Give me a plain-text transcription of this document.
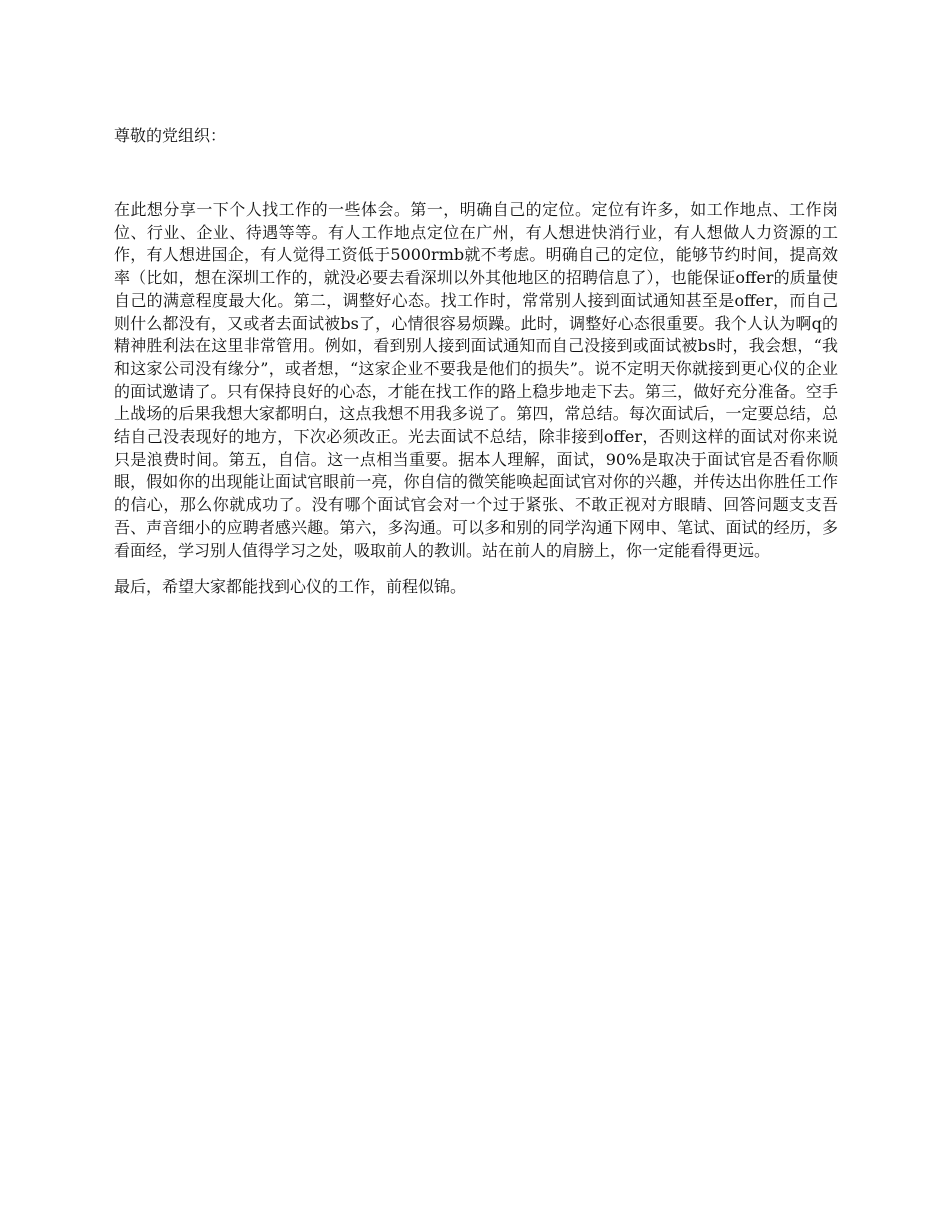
尊敬的党组织：

在此想分享一下个人找工作的一些体会。第一，明确自己的定位。定位有许多，如工作地点、工作岗位、行业、企业、待遇等等。有人工作地点定位在广州，有人想进快消行业，有人想做人力资源的工作，有人想进国企，有人觉得工资低于5000rmb就不考虑。明确自己的定位，能够节约时间，提高效率（比如，想在深圳工作的，就没必要去看深圳以外其他地区的招聘信息了），也能保证offer的质量使自己的满意程度最大化。第二，调整好心态。找工作时，常常别人接到面试通知甚至是offer，而自己则什么都没有，又或者去面试被bs了，心情很容易烦躁。此时，调整好心态很重要。我个人认为啊q的精神胜利法在这里非常管用。例如，看到别人接到面试通知而自己没接到或面试被bs时，我会想，“我和这家公司没有缘分”，或者想，“这家企业不要我是他们的损失”。说不定明天你就接到更心仪的企业的面试邀请了。只有保持良好的心态，才能在找工作的路上稳步地走下去。第三，做好充分准备。空手上战场的后果我想大家都明白，这点我想不用我多说了。第四，常总结。每次面试后，一定要总结，总结自己没表现好的地方，下次必须改正。光去面试不总结，除非接到offer，否则这样的面试对你来说只是浪费时间。第五，自信。这一点相当重要。据本人理解，面试，90%是取决于面试官是否看你顺眼，假如你的出现能让面试官眼前一亮，你自信的微笑能唤起面试官对你的兴趣，并传达出你胜任工作的信心，那么你就成功了。没有哪个面试官会对一个过于紧张、不敢正视对方眼睛、回答问题支支吾吾、声音细小的应聘者感兴趣。第六，多沟通。可以多和别的同学沟通下网申、笔试、面试的经历，多看面经，学习别人值得学习之处，吸取前人的教训。站在前人的肩膀上，你一定能看得更远。

最后，希望大家都能找到心仪的工作，前程似锦。
